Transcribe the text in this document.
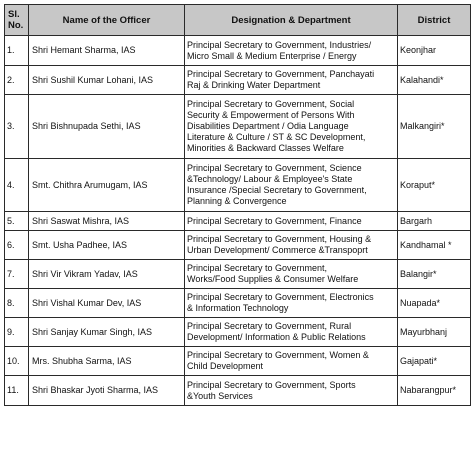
Sl.
No.	Name of the Officer	Designation & Department	District
1.	Shri Hemant Sharma, IAS	Principal Secretary to Government, Industries/
Micro Small & Medium Enterprise / Energy	Keonjhar
2.	Shri Sushil Kumar Lohani, IAS	Principal Secretary to Government, Panchayati
Raj & Drinking Water Department	Kalahandi*
3.	Shri Bishnupada Sethi, IAS	Principal Secretary to Government, Social
Security & Empowerment of Persons With
Disabilities Department / Odia Language
Literature & Culture / ST & SC Development,
Minorities & Backward Classes Welfare	Malkangiri*
4.	Smt. Chithra Arumugam, IAS	Principal Secretary to Government, Science
&Technology/ Labour & Employee's State
Insurance /Special Secretary to Government,
Planning & Convergence	Koraput*
5.	Shri Saswat Mishra, IAS	Principal Secretary to Government, Finance	Bargarh
6.	Smt. Usha Padhee, IAS	Principal Secretary to Government, Housing &
Urban Development/ Commerce &Transpoprt	Kandhamal *
7.	Shri Vir Vikram Yadav, IAS	Principal Secretary to Government,
Works/Food Supplies & Consumer Welfare	Balangir*
8.	Shri Vishal Kumar Dev, IAS	Principal Secretary to Government, Electronics
& Information Technology	Nuapada*
9.	Shri Sanjay Kumar Singh, IAS	Principal Secretary to Government, Rural
Development/ Information & Public Relations	Mayurbhanj
10.	Mrs. Shubha Sarma, IAS	Principal Secretary to Government, Women &
Child Development	Gajapati*
11.	Shri Bhaskar Jyoti Sharma, IAS	Principal Secretary to Government, Sports
&Youth Services	Nabarangpur*
